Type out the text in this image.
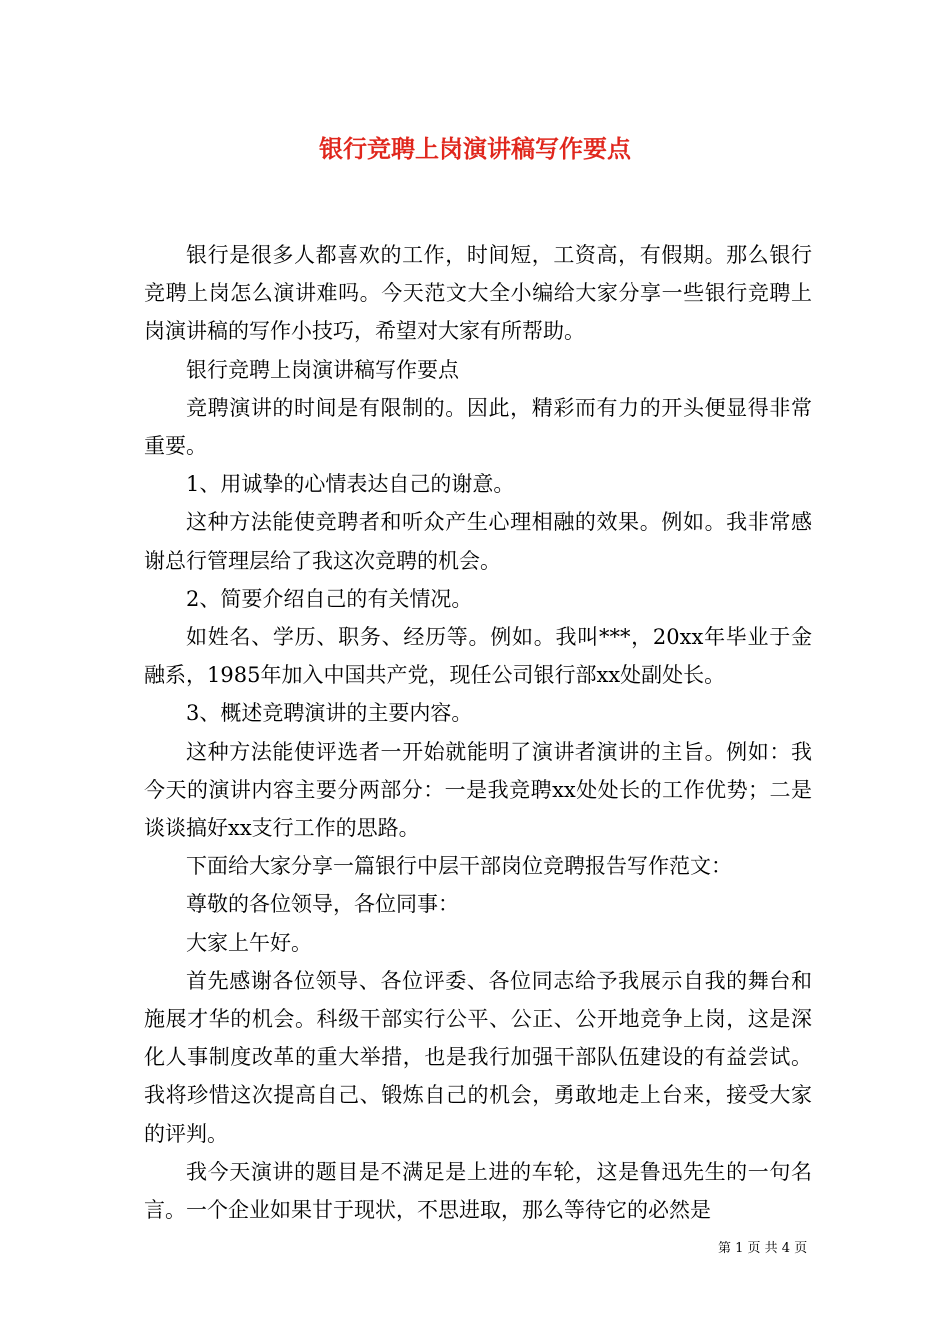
银行竞聘上岗演讲稿写作要点

银行是很多人都喜欢的工作，时间短，工资高，有假期。那么银行竞聘上岗怎么演讲难吗。今天范文大全小编给大家分享一些银行竞聘上岗演讲稿的写作小技巧，希望对大家有所帮助。

银行竞聘上岗演讲稿写作要点

竞聘演讲的时间是有限制的。因此，精彩而有力的开头便显得非常重要。

1、用诚挚的心情表达自己的谢意。

这种方法能使竞聘者和听众产生心理相融的效果。例如。我非常感谢总行管理层给了我这次竞聘的机会。

2、简要介绍自己的有关情况。

如姓名、学历、职务、经历等。例如。我叫***，20xx年毕业于金融系，1985年加入中国共产党，现任公司银行部xx处副处长。

3、概述竞聘演讲的主要内容。

这种方法能使评选者一开始就能明了演讲者演讲的主旨。例如：我今天的演讲内容主要分两部分：一是我竞聘xx处处长的工作优势；二是谈谈搞好xx支行工作的思路。

下面给大家分享一篇银行中层干部岗位竞聘报告写作范文：

尊敬的各位领导，各位同事：

大家上午好。

首先感谢各位领导、各位评委、各位同志给予我展示自我的舞台和施展才华的机会。科级干部实行公平、公正、公开地竞争上岗，这是深化人事制度改革的重大举措，也是我行加强干部队伍建设的有益尝试。我将珍惜这次提高自己、锻炼自己的机会，勇敢地走上台来，接受大家的评判。

我今天演讲的题目是不满足是上进的车轮，这是鲁迅先生的一句名言。一个企业如果甘于现状，不思进取，那么等待它的必然是

第 1 页 共 4 页
